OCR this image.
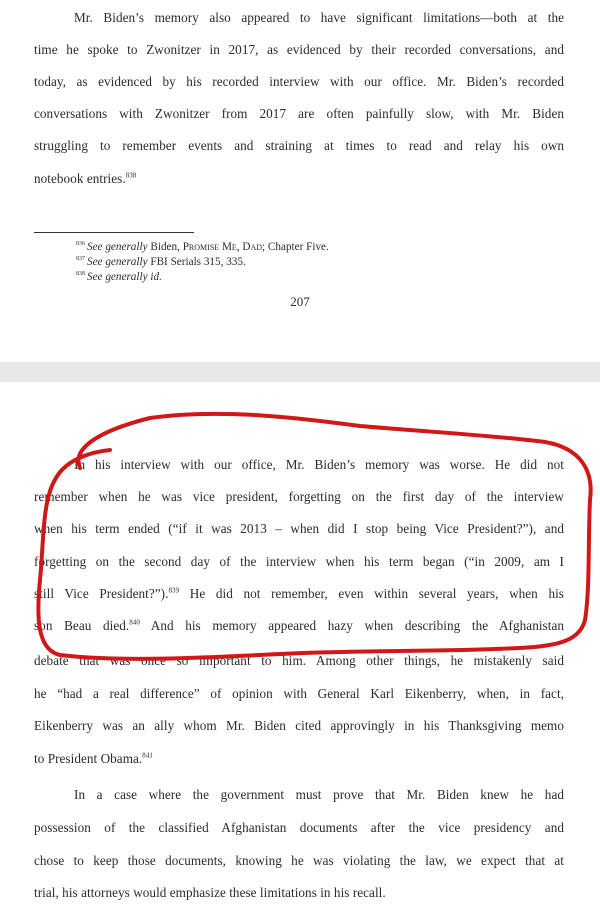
Mr. Biden’s memory also appeared to have significant limitations—both at the
time he spoke to Zwonitzer in 2017, as evidenced by their recorded conversations, and
today, as evidenced by his recorded interview with our office. Mr. Biden’s recorded
conversations with Zwonitzer from 2017 are often painfully slow, with Mr. Biden
struggling to remember events and straining at times to read and relay his own
notebook entries.$^{838}$
$^{836}$ See generally Biden, Promise Me, Dad; Chapter Five.
$^{837}$ See generally FBI Serials 315, 335.
$^{838}$ See generally id.
207
In his interview with our office, Mr. Biden’s memory was worse. He did not
remember when he was vice president, forgetting on the first day of the interview
when his term ended (“if it was 2013 – when did I stop being Vice President?”), and
forgetting on the second day of the interview when his term began (“in 2009, am I
still Vice President?”).$^{839}$ He did not remember, even within several years, when his
son Beau died.$^{840}$ And his memory appeared hazy when describing the Afghanistan
debate that was once so important to him. Among other things, he mistakenly said
he “had a real difference” of opinion with General Karl Eikenberry, when, in fact,
Eikenberry was an ally whom Mr. Biden cited approvingly in his Thanksgiving memo
to President Obama.$^{841}$
In a case where the government must prove that Mr. Biden knew he had
possession of the classified Afghanistan documents after the vice presidency and
chose to keep those documents, knowing he was violating the law, we expect that at
trial, his attorneys would emphasize these limitations in his recall.
